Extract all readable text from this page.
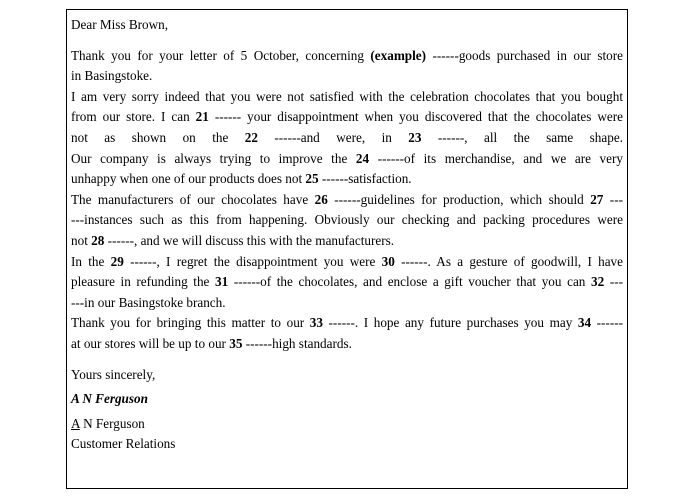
Dear Miss Brown,

Thank you for your letter of 5 October, concerning (example) ------goods purchased in our store

in Basingstoke.

I am very sorry indeed that you were not satisfied with the celebration chocolates that you bought

from our store. I can 21 ------ your disappointment when you discovered that the chocolates were

not as shown on the 22 ------and were, in 23 ------, all the same shape.

Our company is always trying to improve the 24 ------of its merchandise, and we are very

unhappy when one of our products does not 25 ------satisfaction.

The manufacturers of our chocolates have 26 ------guidelines for production, which should 27 ---

---instances such as this from happening. Obviously our checking and packing procedures were

not 28 ------, and we will discuss this with the manufacturers.

In the 29 ------, I regret the disappointment you were 30 ------. As a gesture of goodwill, I have

pleasure in refunding the 31 ------of the chocolates, and enclose a gift voucher that you can 32 ---

---in our Basingstoke branch.

Thank you for bringing this matter to our 33 ------. I hope any future purchases you may 34 ------

at our stores will be up to our 35 ------high standards.

Yours sincerely,

A N Ferguson

A N Ferguson

Customer Relations
